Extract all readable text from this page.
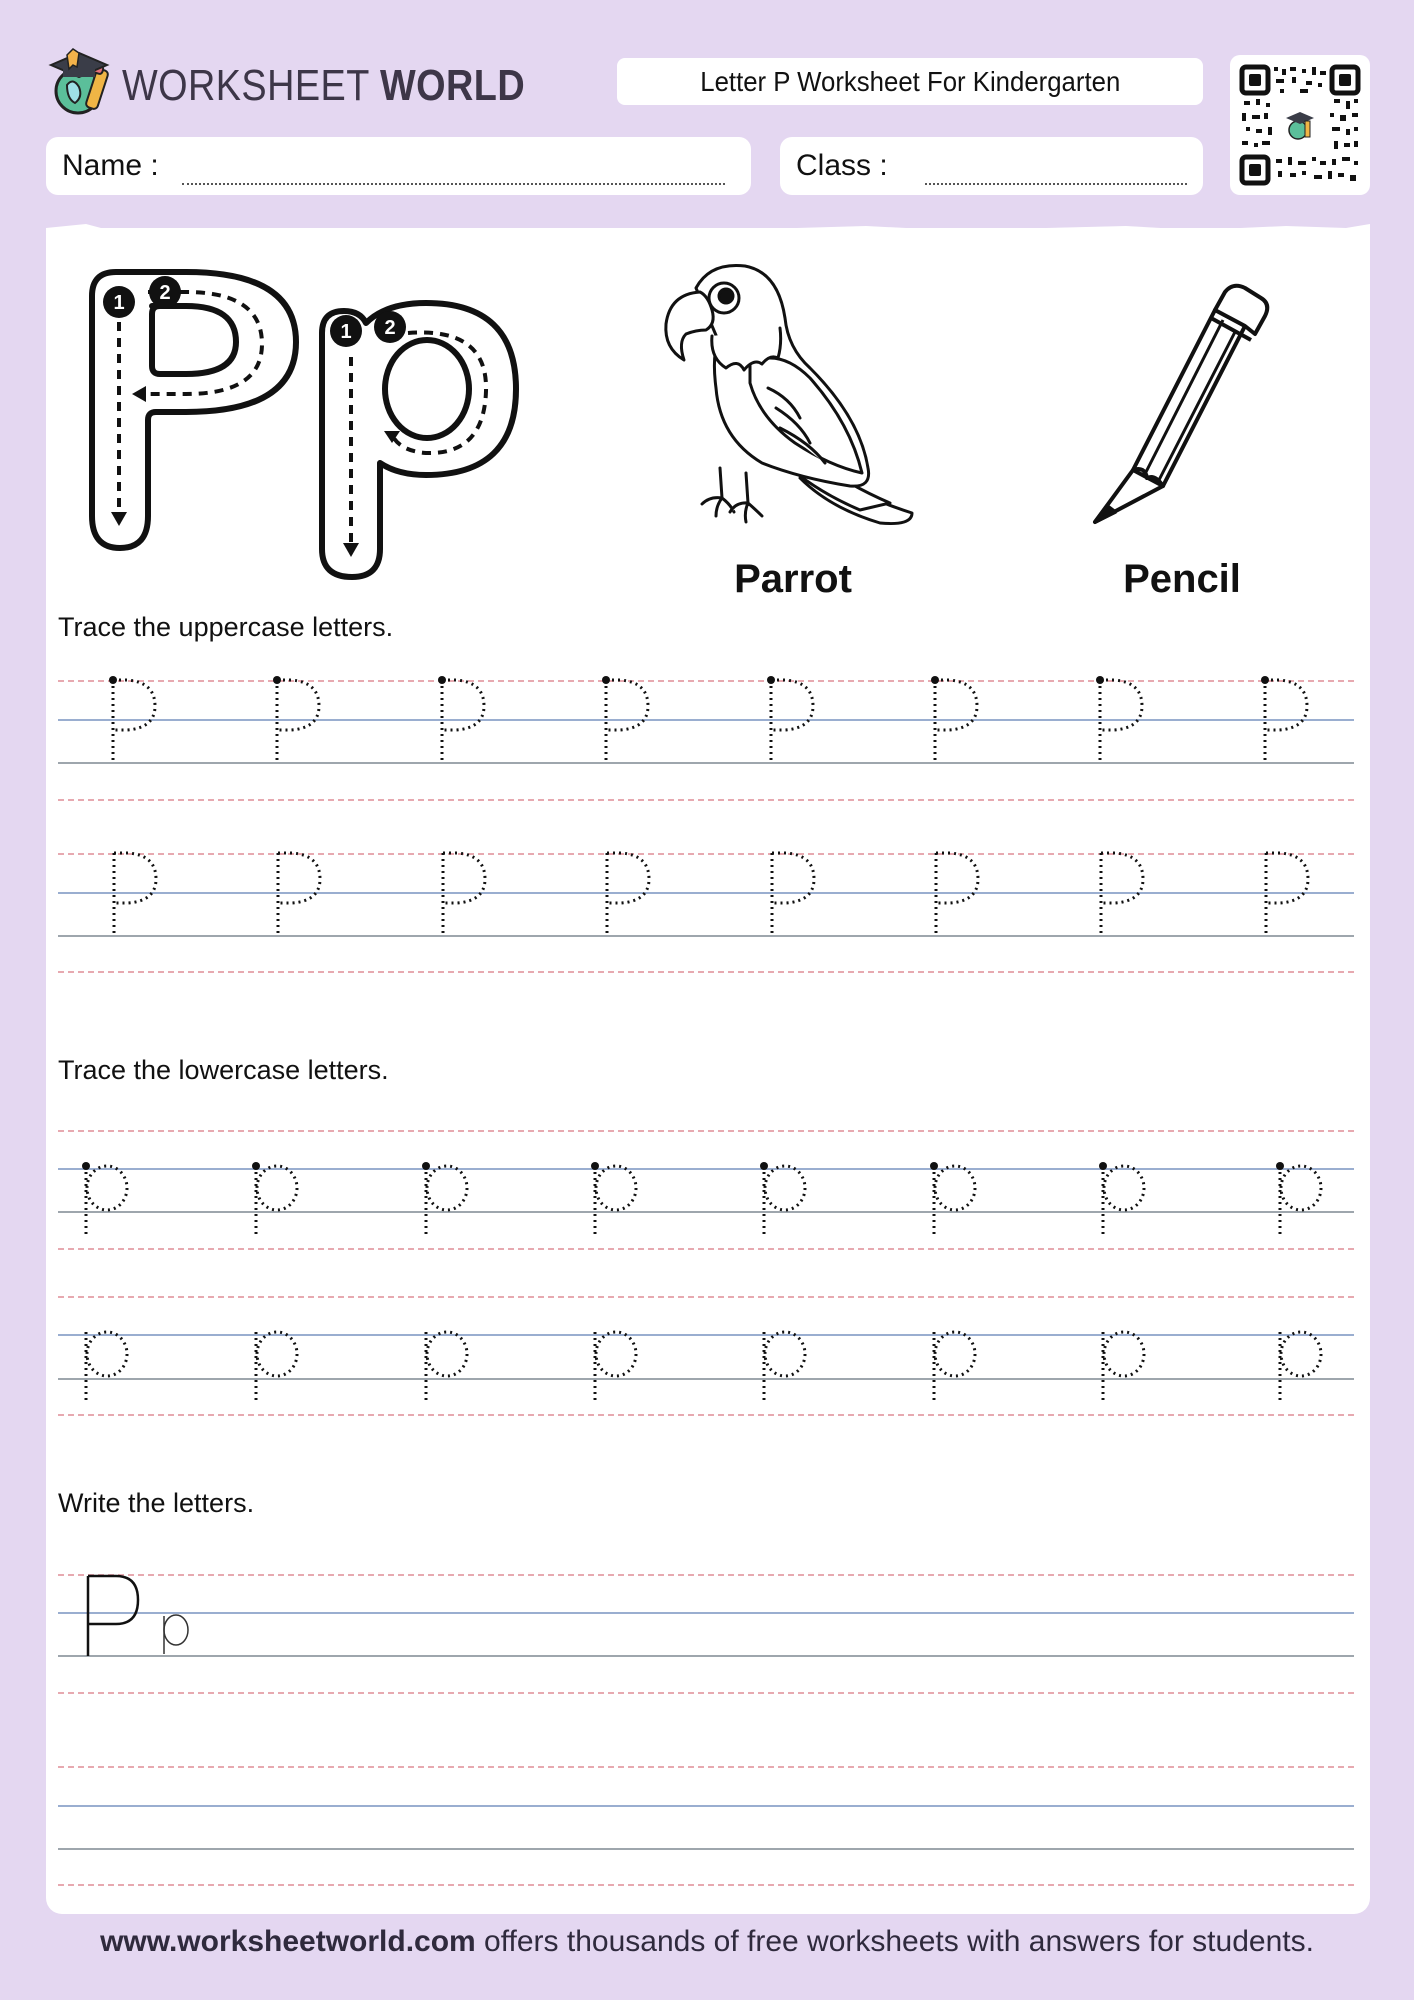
WORKSHEET WORLD	Letter P Worksheet For Kindergarten
Name :	Class :
1 2
1 2
Parrot	Pencil
Trace the uppercase letters.
Trace the lowercase letters.
Write the letters.
www.worksheetworld.com offers thousands of free worksheets with answers for students.
